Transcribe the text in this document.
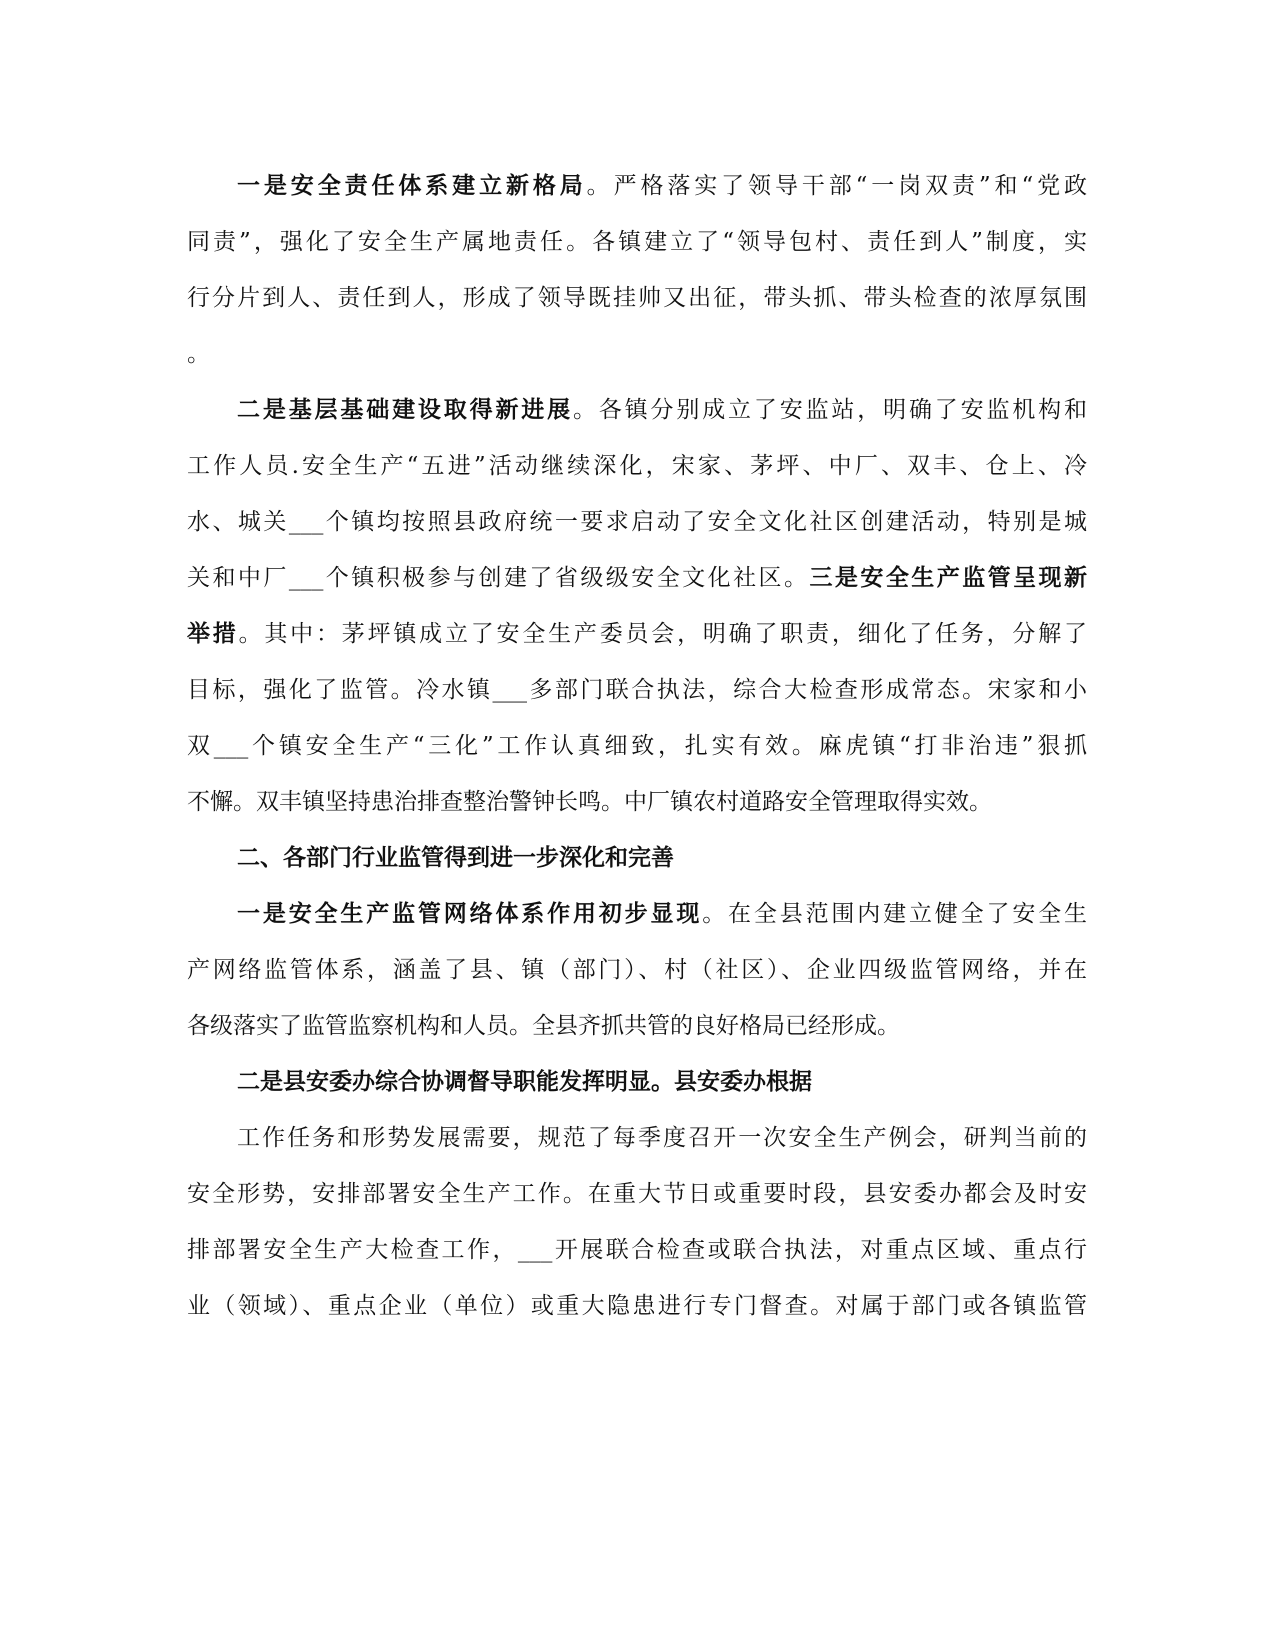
一是安全责任体系建立新格局。严格落实了领导干部“一岗双责”和“党政
同责”，强化了安全生产属地责任。各镇建立了“领导包村、责任到人”制度，实
行分片到人、责任到人，形成了领导既挂帅又出征，带头抓、带头检查的浓厚氛围
。
二是基层基础建设取得新进展。各镇分别成立了安监站，明确了安监机构和
工作人员.安全生产“五进”活动继续深化，宋家、茅坪、中厂、双丰、仓上、冷
水、城关___个镇均按照县政府统一要求启动了安全文化社区创建活动，特别是城
关和中厂___个镇积极参与创建了省级级安全文化社区。三是安全生产监管呈现新
举措。其中：茅坪镇成立了安全生产委员会，明确了职责，细化了任务，分解了
目标，强化了监管。冷水镇___多部门联合执法，综合大检查形成常态。宋家和小
双___个镇安全生产“三化”工作认真细致，扎实有效。麻虎镇“打非治违”狠抓
不懈。双丰镇坚持患治排查整治警钟长鸣。中厂镇农村道路安全管理取得实效。
二、各部门行业监管得到进一步深化和完善
一是安全生产监管网络体系作用初步显现。在全县范围内建立健全了安全生
产网络监管体系，涵盖了县、镇（部门）、村（社区）、企业四级监管网络，并在
各级落实了监管监察机构和人员。全县齐抓共管的良好格局已经形成。
二是县安委办综合协调督导职能发挥明显。县安委办根据
工作任务和形势发展需要，规范了每季度召开一次安全生产例会，研判当前的
安全形势，安排部署安全生产工作。在重大节日或重要时段，县安委办都会及时安
排部署安全生产大检查工作，___开展联合检查或联合执法，对重点区域、重点行
业（领域）、重点企业（单位）或重大隐患进行专门督查。对属于部门或各镇监管
